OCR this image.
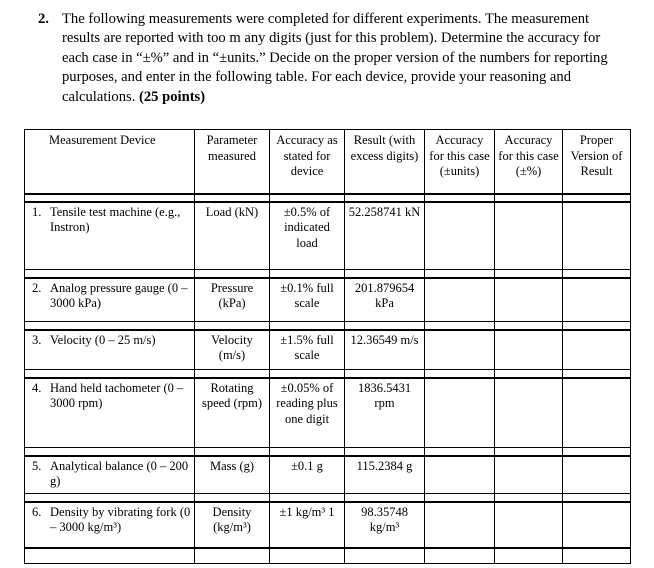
2. The following measurements were completed for different experiments. The measurement results are reported with too m any digits (just for this problem). Determine the accuracy for each case in “±%” and in “±units.” Decide on the proper version of the numbers for reporting purposes, and enter in the following table. For each device, provide your reasoning and calculations. (25 points)
Measurement Device	Parameter measured	Accuracy as stated for device	Result (with excess digits)	Accuracy for this case (±units)	Accuracy for this case (±%)	Proper Version of Result

1. Tensile test machine (e.g., Instron)	Load (kN)	±0.5% of indicated load	52.258741 kN			

2. Analog pressure gauge (0 – 3000 kPa)	Pressure (kPa)	±0.1% full scale	201.879654 kPa			

3. Velocity (0 – 25 m/s)	Velocity (m/s)	±1.5% full scale	12.36549 m/s			

4. Hand held tachometer (0 – 3000 rpm)	Rotating speed (rpm)	±0.05% of reading plus one digit	1836.5431 rpm			

5. Analytical balance (0 – 200 g)	Mass (g)	±0.1 g	115.2384 g			

6. Density by vibrating fork (0 – 3000 kg/m³)	Density (kg/m³)	±1 kg/m³ 1	98.35748 kg/m³			
